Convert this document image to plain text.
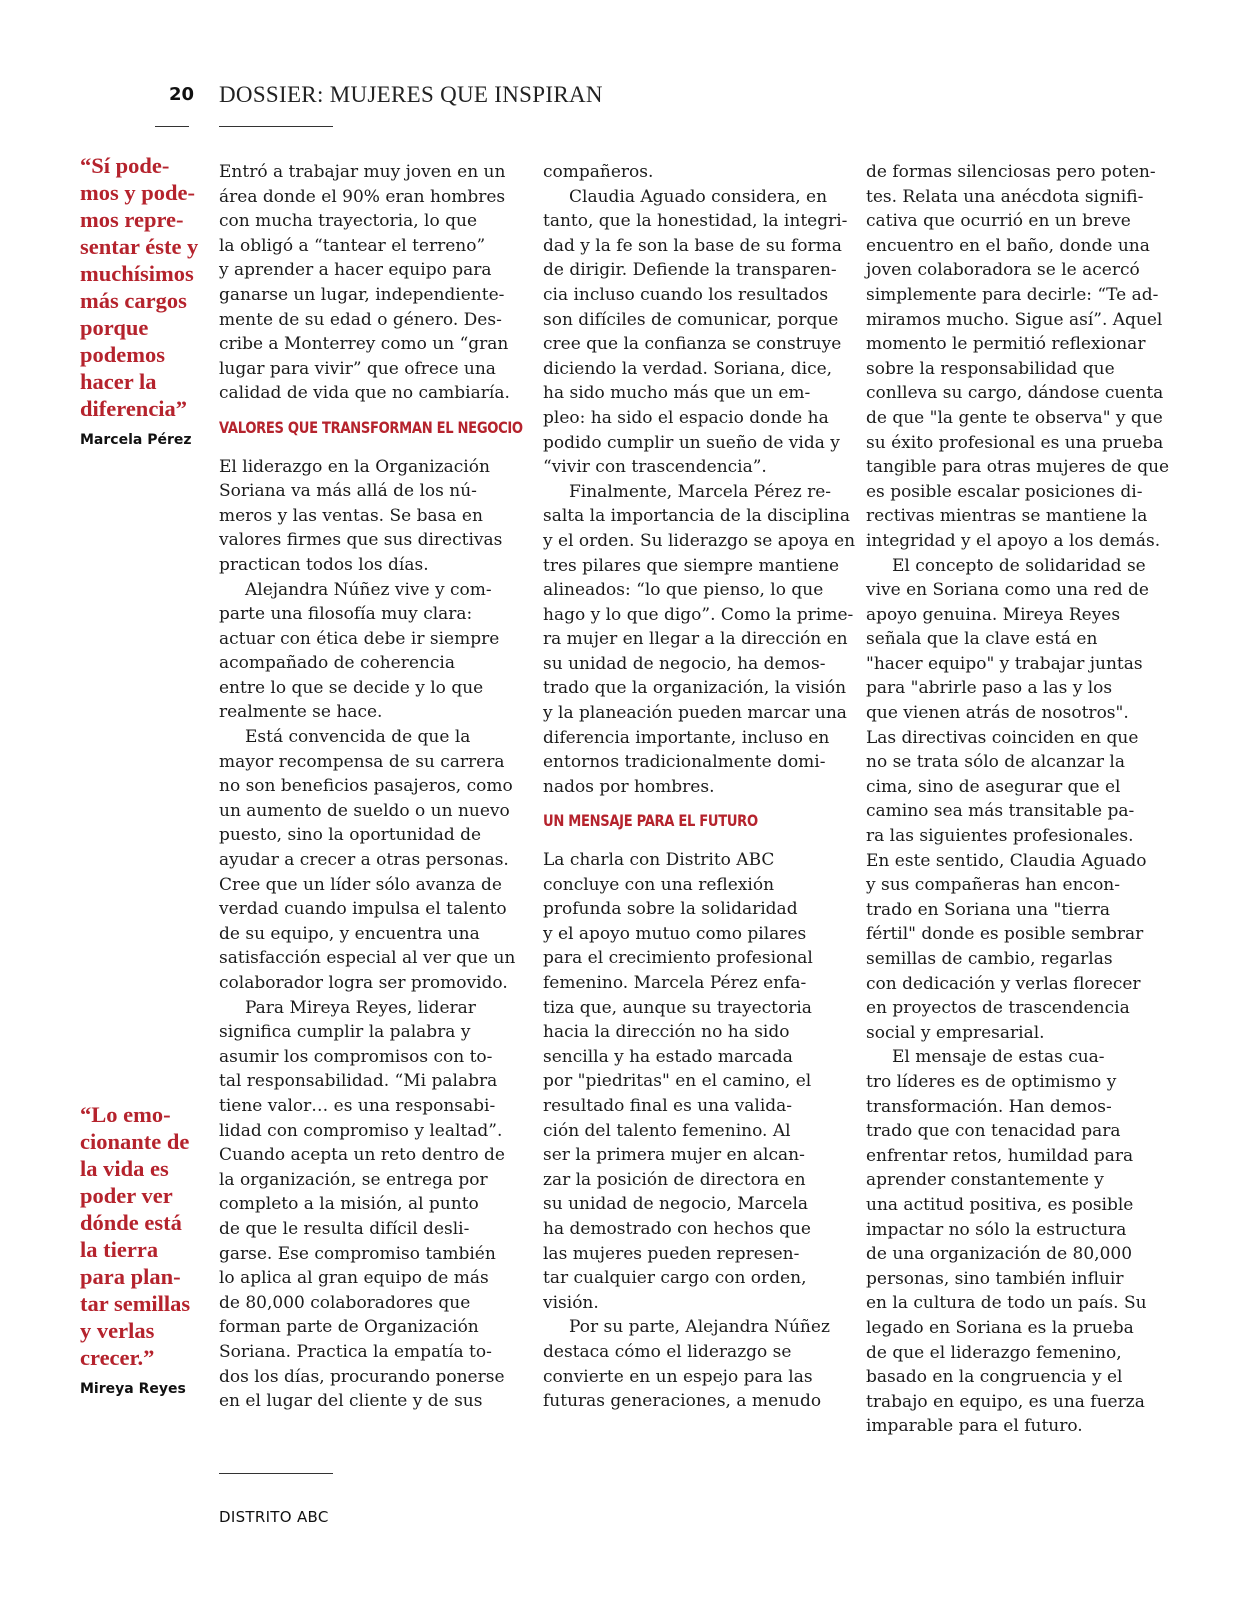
20 DOSSIER: MUJERES QUE INSPIRAN
“Sí pode-
mos y pode-
mos repre-
sentar éste y
muchísimos
más cargos
porque
podemos
hacer la
diferencia”
Marcela Pérez
“Lo emo-
cionante de
la vida es
poder ver
dónde está
la tierra
para plan-
tar semillas
y verlas
crecer.”
Mireya Reyes
Entró a trabajar muy joven en un
área donde el 90% eran hombres
con mucha trayectoria, lo que
la obligó a “tantear el terreno”
y aprender a hacer equipo para
ganarse un lugar, independiente-
mente de su edad o género. Des-
cribe a Monterrey como un “gran
lugar para vivir” que ofrece una
calidad de vida que no cambiaría.
VALORES QUE TRANSFORMAN EL NEGOCIO
El liderazgo en la Organización
Soriana va más allá de los nú-
meros y las ventas. Se basa en
valores firmes que sus directivas
practican todos los días.
Alejandra Núñez vive y com-
parte una filosofía muy clara:
actuar con ética debe ir siempre
acompañado de coherencia
entre lo que se decide y lo que
realmente se hace.
Está convencida de que la
mayor recompensa de su carrera
no son beneficios pasajeros, como
un aumento de sueldo o un nuevo
puesto, sino la oportunidad de
ayudar a crecer a otras personas.
Cree que un líder sólo avanza de
verdad cuando impulsa el talento
de su equipo, y encuentra una
satisfacción especial al ver que un
colaborador logra ser promovido.
Para Mireya Reyes, liderar
significa cumplir la palabra y
asumir los compromisos con to-
tal responsabilidad. “Mi palabra
tiene valor… es una responsabi-
lidad con compromiso y lealtad”.
Cuando acepta un reto dentro de
la organización, se entrega por
completo a la misión, al punto
de que le resulta difícil desli-
garse. Ese compromiso también
lo aplica al gran equipo de más
de 80,000 colaboradores que
forman parte de Organización
Soriana. Practica la empatía to-
dos los días, procurando ponerse
en el lugar del cliente y de sus
compañeros.
Claudia Aguado considera, en
tanto, que la honestidad, la integri-
dad y la fe son la base de su forma
de dirigir. Defiende la transparen-
cia incluso cuando los resultados
son difíciles de comunicar, porque
cree que la confianza se construye
diciendo la verdad. Soriana, dice,
ha sido mucho más que un em-
pleo: ha sido el espacio donde ha
podido cumplir un sueño de vida y
“vivir con trascendencia”.
Finalmente, Marcela Pérez re-
salta la importancia de la disciplina
y el orden. Su liderazgo se apoya en
tres pilares que siempre mantiene
alineados: “lo que pienso, lo que
hago y lo que digo”. Como la prime-
ra mujer en llegar a la dirección en
su unidad de negocio, ha demos-
trado que la organización, la visión
y la planeación pueden marcar una
diferencia importante, incluso en
entornos tradicionalmente domi-
nados por hombres.
UN MENSAJE PARA EL FUTURO
La charla con Distrito ABC
concluye con una reflexión
profunda sobre la solidaridad
y el apoyo mutuo como pilares
para el crecimiento profesional
femenino. Marcela Pérez enfa-
tiza que, aunque su trayectoria
hacia la dirección no ha sido
sencilla y ha estado marcada
por "piedritas" en el camino, el
resultado final es una valida-
ción del talento femenino. Al
ser la primera mujer en alcan-
zar la posición de directora en
su unidad de negocio, Marcela
ha demostrado con hechos que
las mujeres pueden represen-
tar cualquier cargo con orden,
visión.
Por su parte, Alejandra Núñez
destaca cómo el liderazgo se
convierte en un espejo para las
futuras generaciones, a menudo
de formas silenciosas pero poten-
tes. Relata una anécdota signifi-
cativa que ocurrió en un breve
encuentro en el baño, donde una
joven colaboradora se le acercó
simplemente para decirle: “Te ad-
miramos mucho. Sigue así”. Aquel
momento le permitió reflexionar
sobre la responsabilidad que
conlleva su cargo, dándose cuenta
de que "la gente te observa" y que
su éxito profesional es una prueba
tangible para otras mujeres de que
es posible escalar posiciones di-
rectivas mientras se mantiene la
integridad y el apoyo a los demás.
El concepto de solidaridad se
vive en Soriana como una red de
apoyo genuina. Mireya Reyes
señala que la clave está en
"hacer equipo" y trabajar juntas
para "abrirle paso a las y los
que vienen atrás de nosotros".
Las directivas coinciden en que
no se trata sólo de alcanzar la
cima, sino de asegurar que el
camino sea más transitable pa-
ra las siguientes profesionales.
En este sentido, Claudia Aguado
y sus compañeras han encon-
trado en Soriana una "tierra
fértil" donde es posible sembrar
semillas de cambio, regarlas
con dedicación y verlas florecer
en proyectos de trascendencia
social y empresarial.
El mensaje de estas cua-
tro líderes es de optimismo y
transformación. Han demos-
trado que con tenacidad para
enfrentar retos, humildad para
aprender constantemente y
una actitud positiva, es posible
impactar no sólo la estructura
de una organización de 80,000
personas, sino también influir
en la cultura de todo un país. Su
legado en Soriana es la prueba
de que el liderazgo femenino,
basado en la congruencia y el
trabajo en equipo, es una fuerza
imparable para el futuro.
DISTRITO ABC
